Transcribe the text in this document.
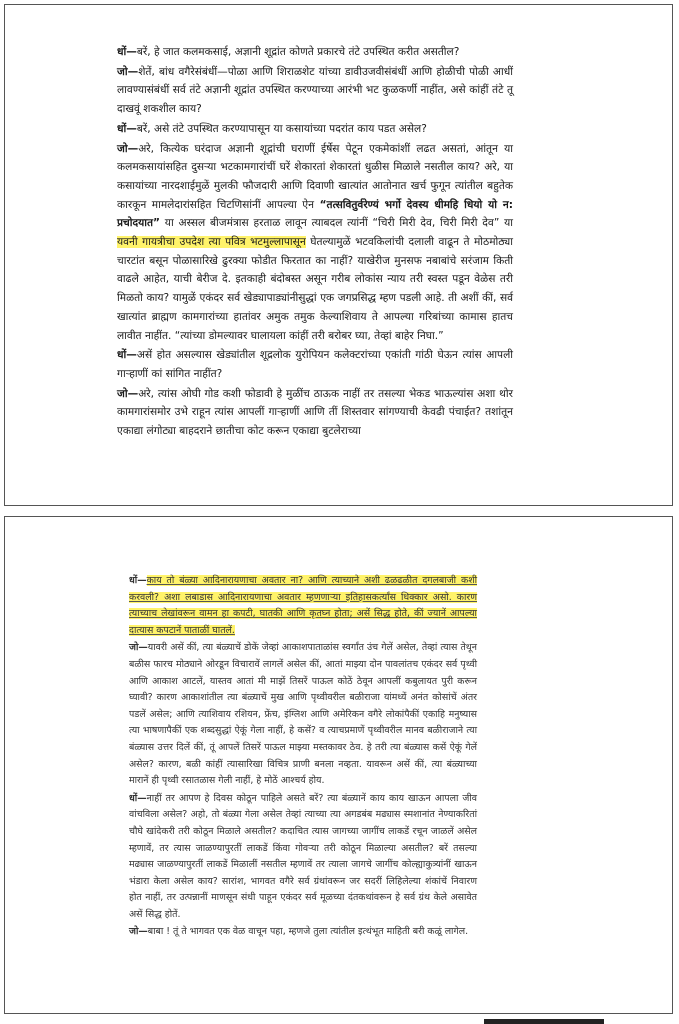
धों—बरें, हे जात कलमकसाई, अज्ञानी शूद्रांत कोणते प्रकारचे तंटे उपस्थित करीत असतील?

जो—शेतें, बांध वगैरेसंबंधीं—पोळा आणि शिराळशेट यांच्या डावीउजवीसंबंधीं आणि होळीची पोळी आधीं लावण्यासंबंधीं सर्व तंटे अज्ञानी शूद्रांत उपस्थित करण्याच्या आरंभी भट कुळकर्णी नाहींत, असे कांहीं तंटे तू दाखवूं शकशील काय?

धों—बरें, असे तंटे उपस्थित करण्यापासून या कसायांच्या पदरांत काय पडत असेल?

जो—अरे, कित्येक घरंदाज अज्ञानी शूद्रांची घराणीं ईर्षेस पेटून एकमेकांशीं लढत असतां, आंतून या कलमकसायांसहित दुसऱ्या भटकामगारांचीं घरें शेकारतां शेकारतां धुळीस मिळाले नसतील काय? अरे, या कसायांच्या नारदशाईमुळें मुलकी फौजदारी आणि दिवाणी खात्यांत आतोनात खर्च फुगून त्यांतील बहुतेक कारकून मामलेदारांसहित चिटणिसांनीं आपल्या ऐन “तत्सवितुर्वरेण्यं भर्गो देवस्य धीमहि धियो यो न: प्रचोदयात” या अस्सल बीजमंत्रास हरताळ लावून त्याबदल त्यांनीं “चिरी मिरी देव, चिरी मिरी देव” या यवनी गायत्रीचा उपदेश त्या पवित्र भटमुल्लापासून घेतल्यामुळें भटवकिलांची दलाली वाढून ते मोठमोठ्या चारटांत बसून पोळासारिखे ढुरक्या फोडीत फिरतात का नाहीं? याखेरीज मुनसफ नबाबांचे सरंजाम किती वाढले आहेत, याची बेरीज दे. इतकाही बंदोबस्त असून गरीब लोकांस न्याय तरी स्वस्त पडून वेळेस तरी मिळतो काय? यामुळें एकंदर सर्व खेड्यापाड्यांनीसुद्धां एक जगप्रसिद्ध म्हण पडली आहे. ती अशीं कीं, सर्व खात्यांत ब्राह्मण कामगारांच्या हातांवर अमुक तमुक केल्याशिवाय ते आपल्या गरिबांच्या कामास हातच लावीत नाहींत. “त्यांच्या डोमल्यावर घालायला कांहीं तरी बरोबर घ्या, तेव्हां बाहेर निघा.”

धों—असें होत असल्यास खेड्यांतील शूद्रलोक युरोपियन कलेक्टरांच्या एकांती गांठी घेऊन त्यांस आपली गाऱ्हाणीं कां सांगित नाहींत?

जो—अरे, त्यांस ओघी गोड कशी फोडावी हे मुळींच ठाऊक नाहीं तर तसल्या भेकड भाऊल्यांस अशा थोर कामगारांसमोर उभे राहून त्यांस आपलीं गाऱ्हाणीं आणि तीं शिस्तवार सांगण्याची केवढी पंचाईत? तशांतून एकाद्या लंगोट्या बाहदराने छातीचा कोट करून एकाद्या बुटलेराच्या

धों—काय तो बंळ्या आदिनारायणाचा अवतार ना? आणि त्याच्याने अशी ढळढळीत दगलबाजी कशी करवली? अशा लबाडास आदिनारायणाचा अवतार म्हणणाऱ्या इतिहासकर्त्यांस धिक्कार असो. कारण त्याच्याच लेखांवरून वामन हा कपटी, घातकी आणि कृतघ्न होता; असें सिद्ध होते, कीं ज्यानें आपल्या दात्यास कपटानें पाताळीं घातलें.

जो—यावरी असें कीं, त्या बंळ्याचें डोकें जेव्हां आकाशपाताळांस स्वर्गांत उंच गेलें असेल, तेव्हां त्यास तेथून बळीस फारच मोठ्याने ओरडून विचारावें लागलें असेल कीं, आतां माझ्या दोन पावलांतच एकंदर सर्व पृथ्वी आणि आकाश आटलें, यास्तव आतां मी माझें तिसरें पाऊल कोठें ठेवून आपलीं कबुलायत पुरी करून घ्यावी? कारण आकाशांतील त्या बंळ्याचें मुख आणि पृथ्वीवरील बळीराजा यांमध्यें अनंत कोसांचें अंतर पडलें असेल; आणि त्याशिवाय रशियन, फ्रेंच, इंग्लिश आणि अमेरिकन वगैरे लोकांपैकीं एकाहि मनुष्यास त्या भाषणापैकीं एक शब्दसुद्धां ऐकूं गेला नाहीं, हे कसें? व त्याचप्रमाणें पृथ्वीवरील मानव बळीराजाने त्या बंळ्यास उत्तर दिलें कीं, तूं आपलें तिसरें पाऊल माझ्या मस्तकावर ठेव. हे तरी त्या बंळ्यास कसें ऐकूं गेलें असेल? कारण, बळी कांहीं त्यासारिखा विचित्र प्राणी बनला नव्हता. यावरून असें कीं, त्या बंळ्याच्या मारानें ही पृथ्वी रसातळास गेली नाहीं, हे मोठें आश्चर्य होय.

धों—नाहीं तर आपण हे दिवस कोठून पाहिले असते बरें? त्या बंळ्यानें काय काय खाऊन आपला जीव वांचविला असेल? अहो, तो बंळ्या गेला असेल तेव्हां त्याच्या त्या अगडबंब मढ्यास स्मशानांत नेण्याकरितां चौघे खांदेकरी तरी कोठून मिळाले असतील? कदाचित त्यास जागच्या जागींच लाकडें रचून जाळलें असेल म्हणावें, तर त्यास जाळण्यापुरतीं लाकडें किंवा गोवऱ्या तरी कोठून मिळाल्या असतील? बरें तसल्या मढ्यास जाळण्यापुरतीं लाकडें मिळालीं नसतील म्हणावें तर त्याला जागचे जागींच कोल्ह्याकुत्र्यांनीं खाऊन भंडारा केला असेल काय? सारांश, भागवत वगैरे सर्व ग्रंथांवरून जर सदरीं लिहिलेल्या शंकांचें निवारण होत नाहीं, तर उत्पन्नानीं माणसून संधी पाहून एकंदर सर्व मूळच्या दंतकथांवरून हे सर्व ग्रंथ केले असावेत असें सिद्ध होतें.

जो—बाबा ! तूं ते भागवत एक वेळ वाचून पहा, म्हणजे तुला त्यांतील इत्थंभूत माहिती बरी कळूं लागेल.
